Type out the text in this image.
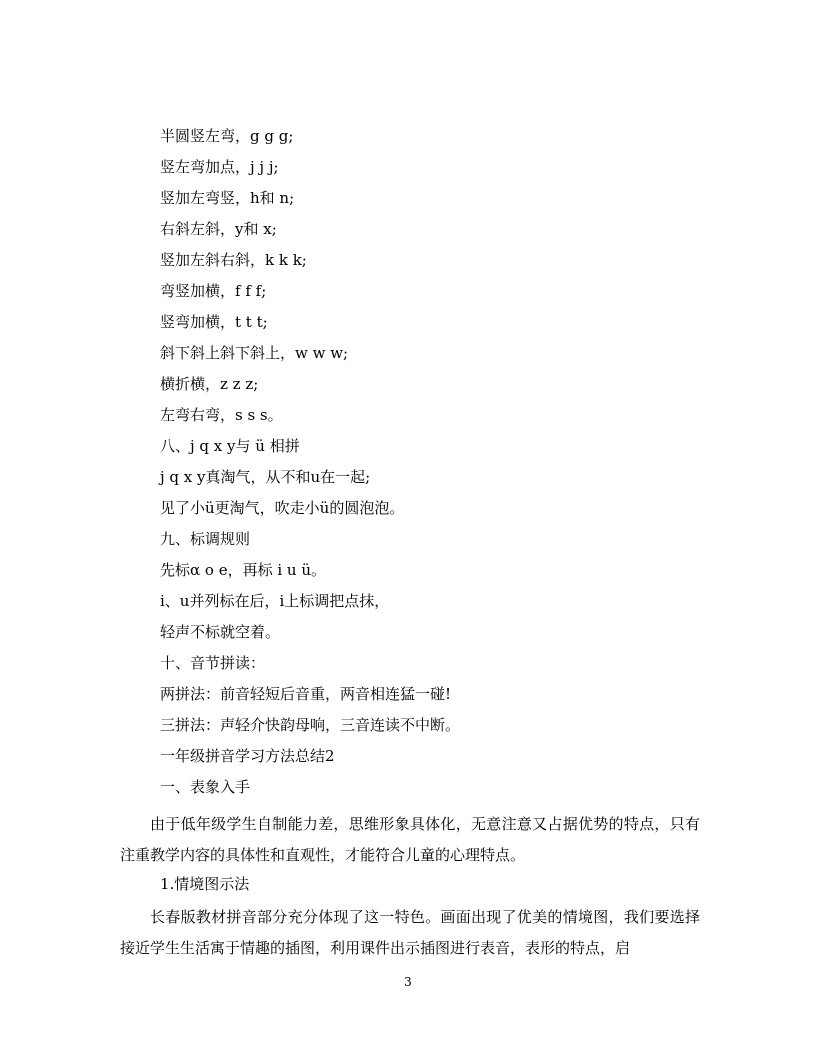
半圆竖左弯，g g g;
竖左弯加点，j j j;
竖加左弯竖，h和 n;
右斜左斜，y和 x;
竖加左斜右斜，k k k;
弯竖加横，f f f;
竖弯加横，t t t;
斜下斜上斜下斜上，w w w;
横折横，z z z;
左弯右弯，s s s。
八、j q x y与 ü 相拼
j q x y真淘气，从不和u在一起;
见了小ü更淘气，吹走小ü的圆泡泡。
九、标调规则
先标α o e，再标 i u ü。
i、u并列标在后，i上标调把点抹，
轻声不标就空着。
十、音节拼读：
两拼法：前音轻短后音重，两音相连猛一碰!
三拼法：声轻介快韵母响，三音连读不中断。
一年级拼音学习方法总结2
一、表象入手
由于低年级学生自制能力差，思维形象具体化，无意注意又占据优势的特点，只有注重教学内容的具体性和直观性，才能符合儿童的心理特点。
1.情境图示法
长春版教材拼音部分充分体现了这一特色。画面出现了优美的情境图，我们要选择接近学生生活寓于情趣的插图，利用课件出示插图进行表音，表形的特点，启
3
